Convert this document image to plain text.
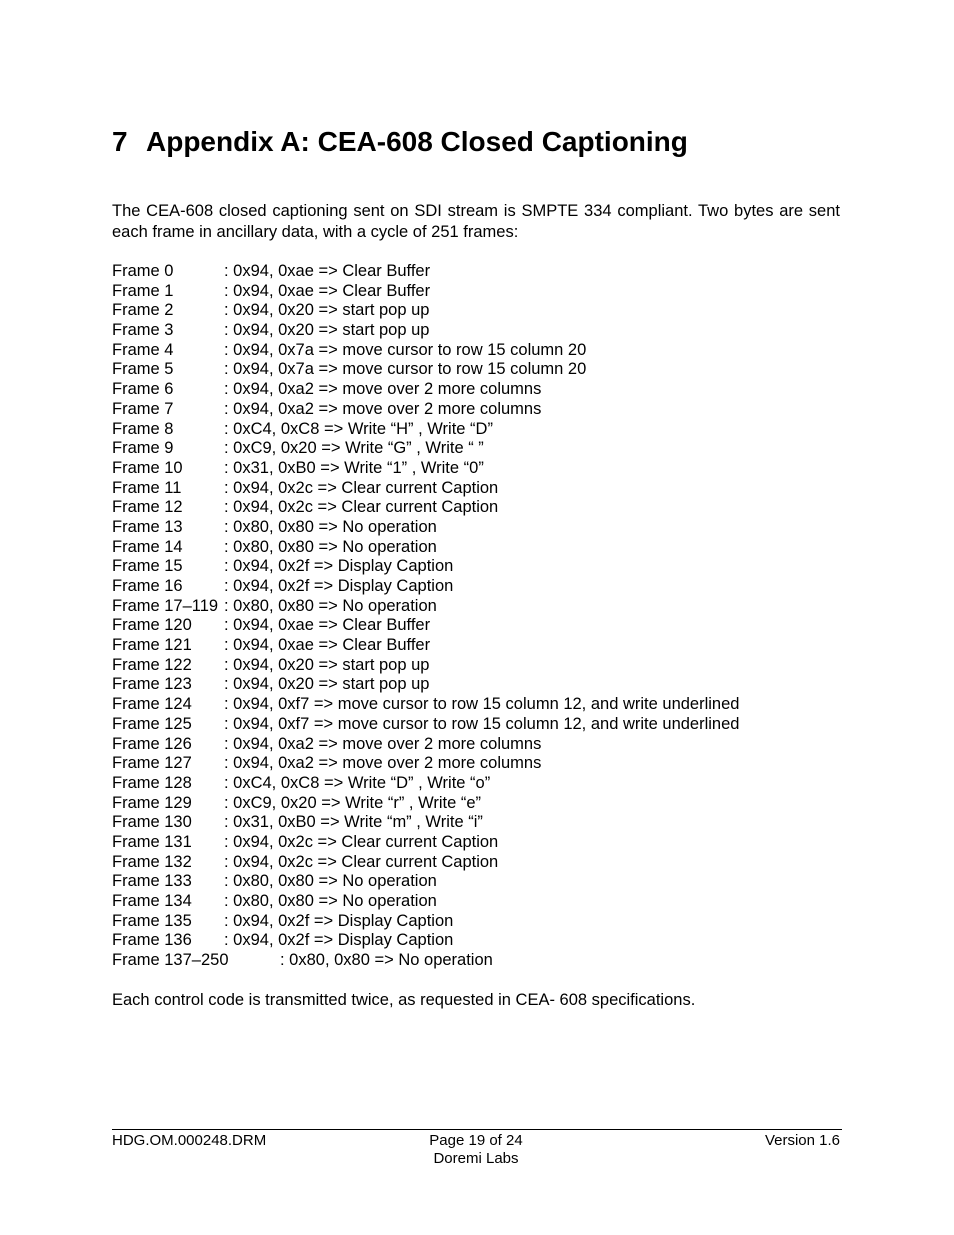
7 Appendix A: CEA-608 Closed Captioning

The CEA-608 closed captioning sent on SDI stream is SMPTE 334 compliant. Two bytes are sent each frame in ancillary data, with a cycle of 251 frames:

Frame 0	: 0x94, 0xae => Clear Buffer
Frame 1	: 0x94, 0xae => Clear Buffer
Frame 2	: 0x94, 0x20 => start pop up
Frame 3	: 0x94, 0x20 => start pop up
Frame 4	: 0x94, 0x7a => move cursor to row 15 column 20
Frame 5	: 0x94, 0x7a => move cursor to row 15 column 20
Frame 6	: 0x94, 0xa2 => move over 2 more columns
Frame 7	: 0x94, 0xa2 => move over 2 more columns
Frame 8	: 0xC4, 0xC8 => Write “H” , Write “D”
Frame 9	: 0xC9, 0x20 => Write “G” , Write “ ”
Frame 10	: 0x31, 0xB0 => Write “1” , Write “0”
Frame 11	: 0x94, 0x2c => Clear current Caption
Frame 12	: 0x94, 0x2c => Clear current Caption
Frame 13	: 0x80, 0x80 => No operation
Frame 14	: 0x80, 0x80 => No operation
Frame 15	: 0x94, 0x2f => Display Caption
Frame 16	: 0x94, 0x2f => Display Caption
Frame 17–119 : 0x80, 0x80 => No operation
Frame 120 : 0x94, 0xae => Clear Buffer
Frame 121 : 0x94, 0xae => Clear Buffer
Frame 122 : 0x94, 0x20 => start pop up
Frame 123 : 0x94, 0x20 => start pop up
Frame 124 : 0x94, 0xf7 => move cursor to row 15 column 12, and write underlined
Frame 125 : 0x94, 0xf7 => move cursor to row 15 column 12, and write underlined
Frame 126 : 0x94, 0xa2 => move over 2 more columns
Frame 127 : 0x94, 0xa2 => move over 2 more columns
Frame 128 : 0xC4, 0xC8 => Write “D” , Write “o”
Frame 129 : 0xC9, 0x20 => Write “r” , Write “e”
Frame 130 : 0x31, 0xB0 => Write “m” , Write “i”
Frame 131 : 0x94, 0x2c => Clear current Caption
Frame 132 : 0x94, 0x2c => Clear current Caption
Frame 133 : 0x80, 0x80 => No operation
Frame 134 : 0x80, 0x80 => No operation
Frame 135 : 0x94, 0x2f => Display Caption
Frame 136 : 0x94, 0x2f => Display Caption
Frame 137–250	: 0x80, 0x80 => No operation

Each control code is transmitted twice, as requested in CEA- 608 specifications.

HDG.OM.000248.DRM	Page 19 of 24
Doremi Labs
Version 1.6
